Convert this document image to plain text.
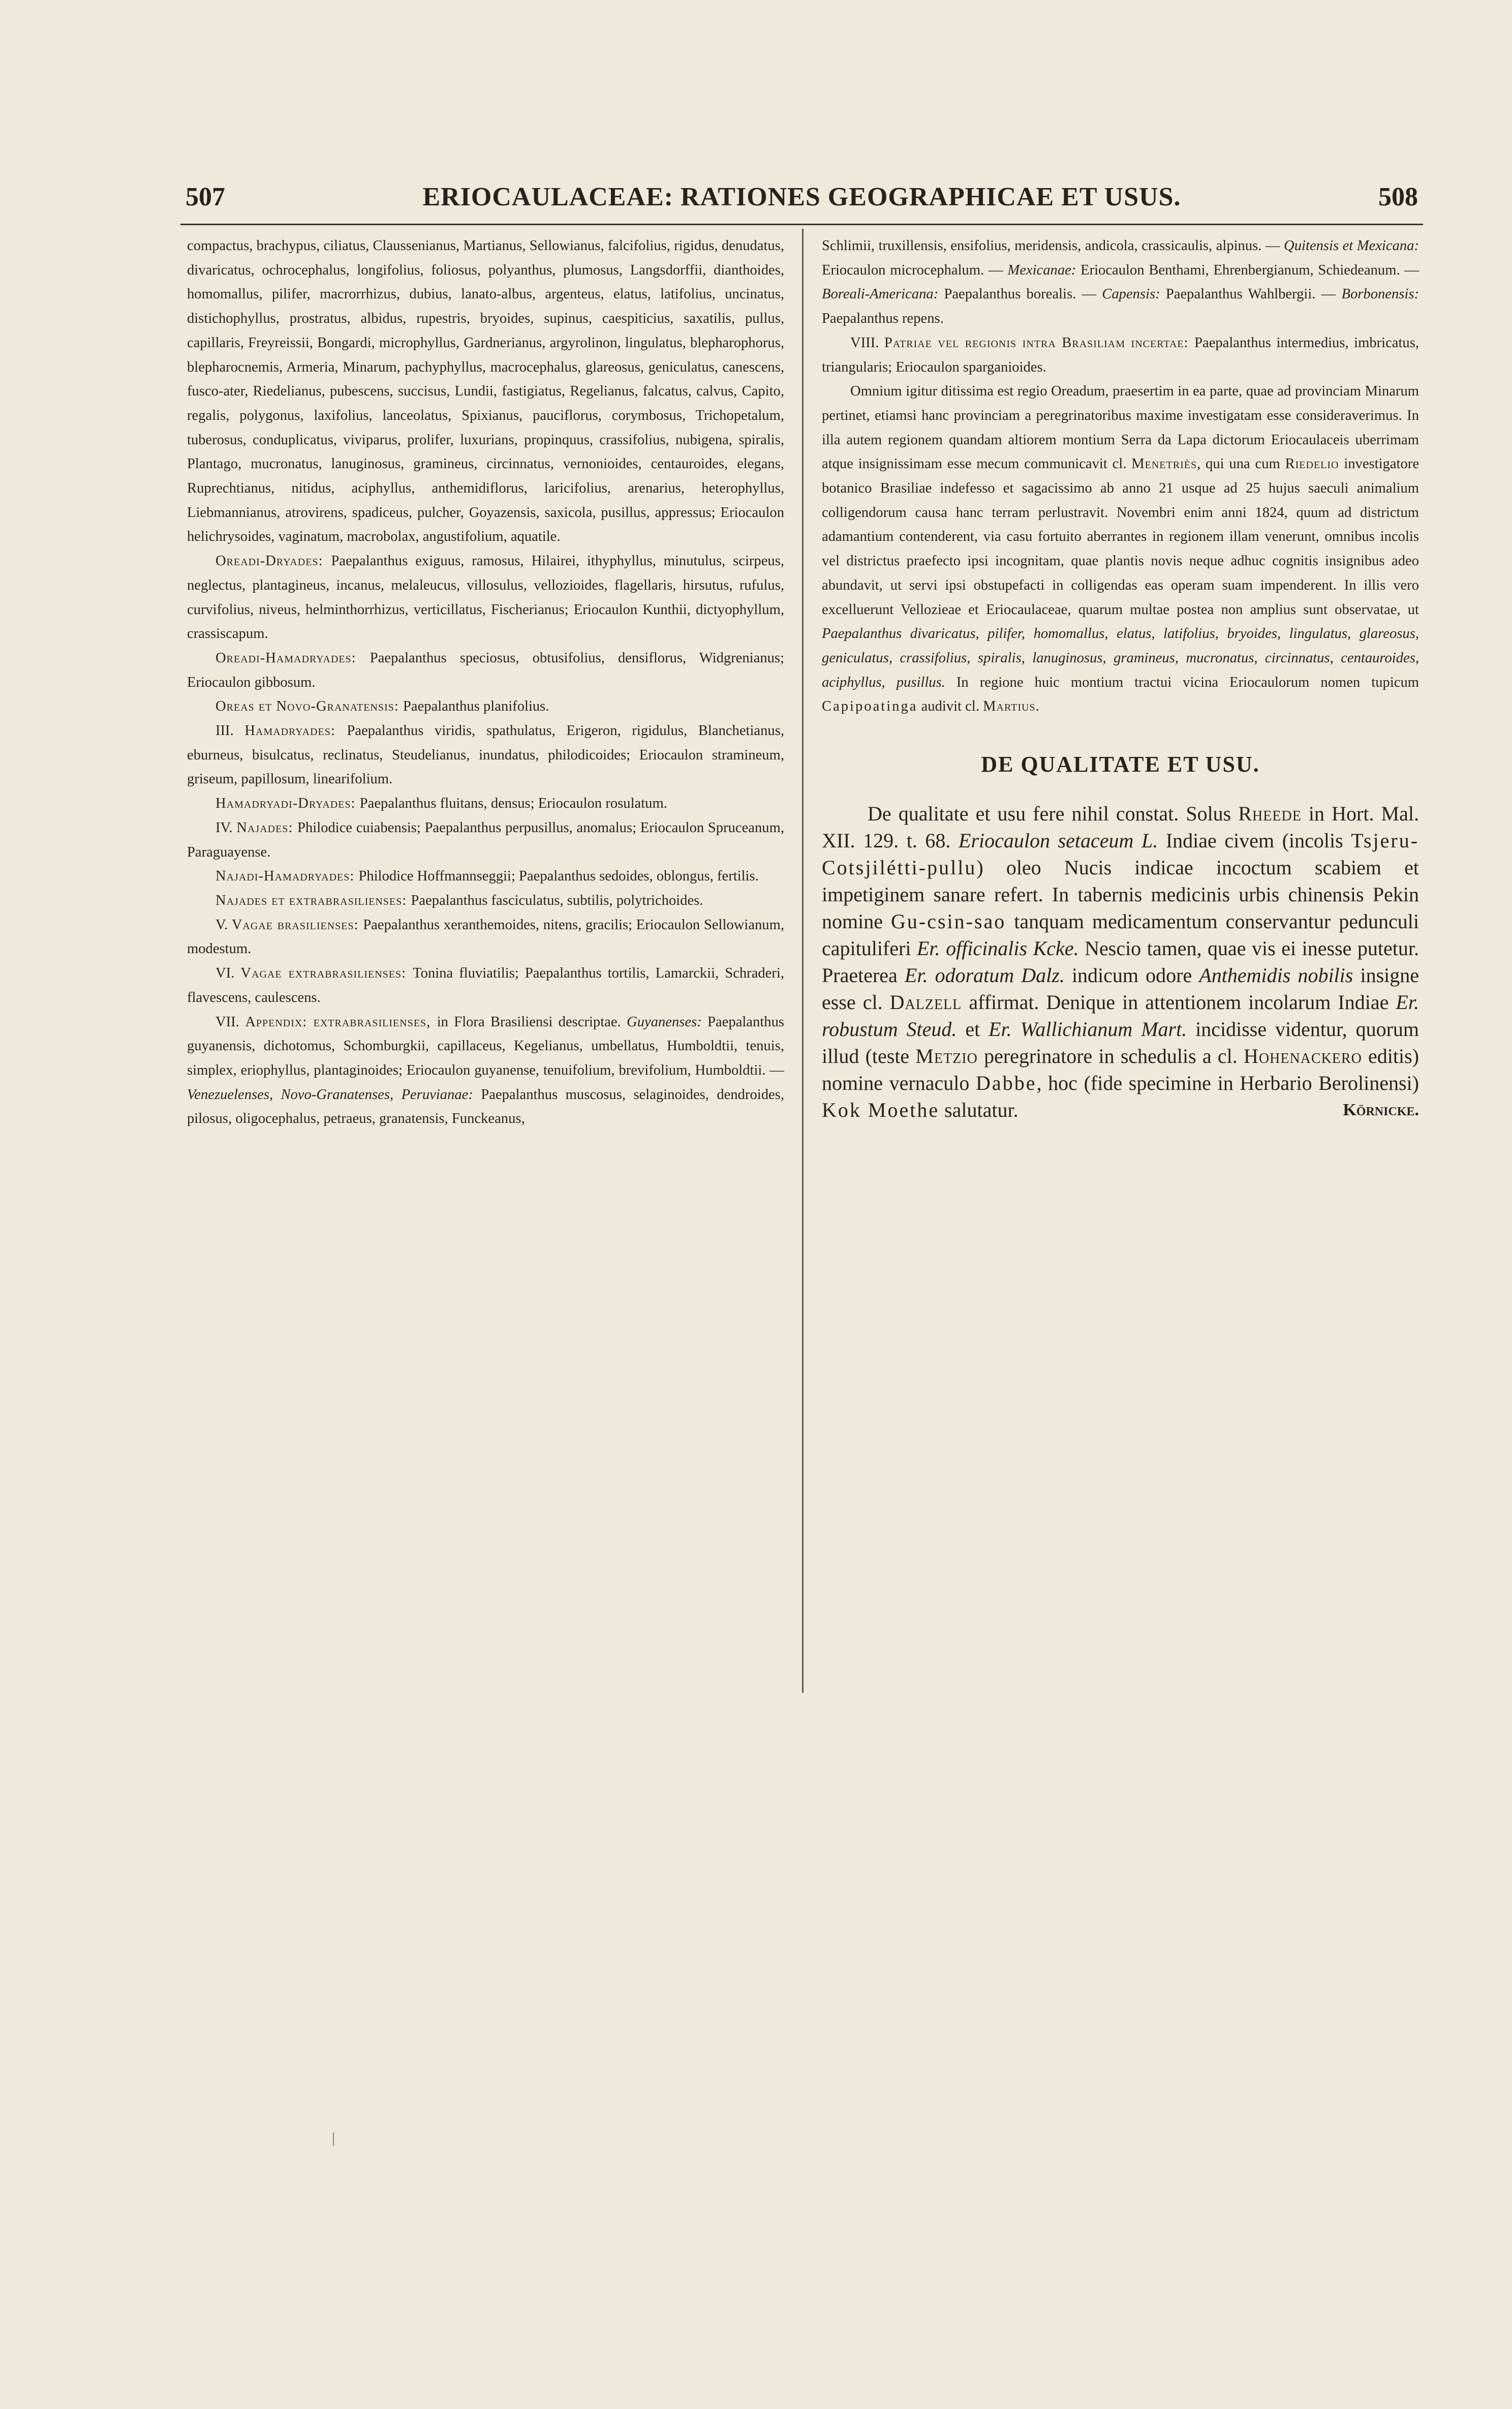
507	ERIOCAULACEAE: RATIONES GEOGRAPHICAE ET USUS.	508

compactus, brachypus, ciliatus, Claussenianus, Martianus, Sellowianus, falcifolius, rigidus, denudatus, divaricatus, ochrocephalus, longifolius, foliosus, polyanthus, plumosus, Langsdorffii, dianthoides, homomallus, pilifer, macrorrhizus, dubius, lanato-albus, argenteus, elatus, latifolius, uncinatus, distichophyllus, prostratus, albidus, rupestris, bryoides, supinus, caespiticius, saxatilis, pullus, capillaris, Freyreissii, Bongardi, microphyllus, Gardnerianus, argyrolinon, lingulatus, blepharophorus, blepharocnemis, Armeria, Minarum, pachyphyllus, macrocephalus, glareosus, geniculatus, canescens, fusco-ater, Riedelianus, pubescens, succisus, Lundii, fastigiatus, Regelianus, falcatus, calvus, Capito, regalis, polygonus, laxifolius, lanceolatus, Spixianus, pauciflorus, corymbosus, Trichopetalum, tuberosus, conduplicatus, viviparus, prolifer, luxurians, propinquus, crassifolius, nubigena, spiralis, Plantago, mucronatus, lanuginosus, gramineus, circinnatus, vernonioides, centauroides, elegans, Ruprechtianus, nitidus, aciphyllus, anthemidiflorus, laricifolius, arenarius, heterophyllus, Liebmannianus, atrovirens, spadiceus, pulcher, Goyazensis, saxicola, pusillus, appressus; Eriocaulon helichrysoides, vaginatum, macrobolax, angustifolium, aquatile.

Oreadi-Dryades: Paepalanthus exiguus, ramosus, Hilairei, ithyphyllus, minutulus, scirpeus, neglectus, plantagineus, incanus, melaleucus, villosulus, vellozioides, flagellaris, hirsutus, rufulus, curvifolius, niveus, helminthorrhizus, verticillatus, Fischerianus; Eriocaulon Kunthii, dictyophyllum, crassiscapum.

Oreadi-Hamadryades: Paepalanthus speciosus, obtusifolius, densiflorus, Widgrenianus; Eriocaulon gibbosum.

Oreas et Novo-Granatensis: Paepalanthus planifolius.

III. Hamadryades: Paepalanthus viridis, spathulatus, Erigeron, rigidulus, Blanchetianus, eburneus, bisulcatus, reclinatus, Steudelianus, inundatus, philodicoides; Eriocaulon stramineum, griseum, papillosum, linearifolium.

Hamadryadi-Dryades: Paepalanthus fluitans, densus; Eriocaulon rosulatum.

IV. Najades: Philodice cuiabensis; Paepalanthus perpusillus, anomalus; Eriocaulon Spruceanum, Paraguayense.

Najadi-Hamadryades: Philodice Hoffmannseggii; Paepalanthus sedoides, oblongus, fertilis.

Najades et extrabrasilienses: Paepalanthus fasciculatus, subtilis, polytrichoides.

V. Vagae brasilienses: Paepalanthus xeranthemoides, nitens, gracilis; Eriocaulon Sellowianum, modestum.

VI. Vagae extrabrasilienses: Tonina fluviatilis; Paepalanthus tortilis, Lamarckii, Schraderi, flavescens, caulescens.

VII. Appendix: extrabrasilienses, in Flora Brasiliensi descriptae. Guyanenses: Paepalanthus guyanensis, dichotomus, Schomburgkii, capillaceus, Kegelianus, umbellatus, Humboldtii, tenuis, simplex, eriophyllus, plantaginoides; Eriocaulon guyanense, tenuifolium, brevifolium, Humboldtii. — Venezuelenses, Novo-Granatenses, Peruvianae: Paepalanthus muscosus, selaginoides, dendroides, pilosus, oligocephalus, petraeus, granatensis, Funckeanus,

Schlimii, truxillensis, ensifolius, meridensis, andicola, crassicaulis, alpinus. — Quitensis et Mexicana: Eriocaulon microcephalum. — Mexicanae: Eriocaulon Benthami, Ehrenbergianum, Schiedeanum. — Boreali-Americana: Paepalanthus borealis. — Capensis: Paepalanthus Wahlbergii. — Borbonensis: Paepalanthus repens.

VIII. Patriae vel regionis intra Brasiliam incertae: Paepalanthus intermedius, imbricatus, triangularis; Eriocaulon sparganioides.

Omnium igitur ditissima est regio Oreadum, praesertim in ea parte, quae ad provinciam Minarum pertinet, etiamsi hanc provinciam a peregrinatoribus maxime investigatam esse consideraverimus. In illa autem regionem quandam altiorem montium Serra da Lapa dictorum Eriocaulaceis uberrimam atque insignissimam esse mecum communicavit cl. Menetriès, qui una cum Riedelio investigatore botanico Brasiliae indefesso et sagacissimo ab anno 21 usque ad 25 hujus saeculi animalium colligendorum causa hanc terram perlustravit. Novembri enim anni 1824, quum ad districtum adamantium contenderent, via casu fortuito aberrantes in regionem illam venerunt, omnibus incolis vel districtus praefecto ipsi incognitam, quae plantis novis neque adhuc cognitis insignibus adeo abundavit, ut servi ipsi obstupefacti in colligendas eas operam suam impenderent. In illis vero excelluerunt Vellozieae et Eriocaulaceae, quarum multae postea non amplius sunt observatae, ut Paepalanthus divaricatus, pilifer, homomallus, elatus, latifolius, bryoides, lingulatus, glareosus, geniculatus, crassifolius, spiralis, lanuginosus, gramineus, mucronatus, circinnatus, centauroides, aciphyllus, pusillus. In regione huic montium tractui vicina Eriocaulorum nomen tupicum Capipoatinga audivit cl. Martius.

DE QUALITATE ET USU.

De qualitate et usu fere nihil constat. Solus Rheede in Hort. Mal. XII. 129. t. 68. Eriocaulon setaceum L. Indiae civem (incolis Tsjeru-Cotsjilétti-pullu) oleo Nucis indicae incoctum scabiem et impetiginem sanare refert. In tabernis medicinis urbis chinensis Pekin nomine Gu-csin-sao tanquam medicamentum conservantur pedunculi capituliferi Er. officinalis Kcke. Nescio tamen, quae vis ei inesse putetur. Praeterea Er. odoratum Dalz. indicum odore Anthemidis nobilis insigne esse cl. Dalzell affirmat. Denique in attentionem incolarum Indiae Er. robustum Steud. et Er. Wallichianum Mart. incidisse videntur, quorum illud (teste Metzio peregrinatore in schedulis a cl. Hohenackero editis) nomine vernaculo Dabbe, hoc (fide specimine in Herbario Berolinensi) Kok Moethe salutatur.	Körnicke.
